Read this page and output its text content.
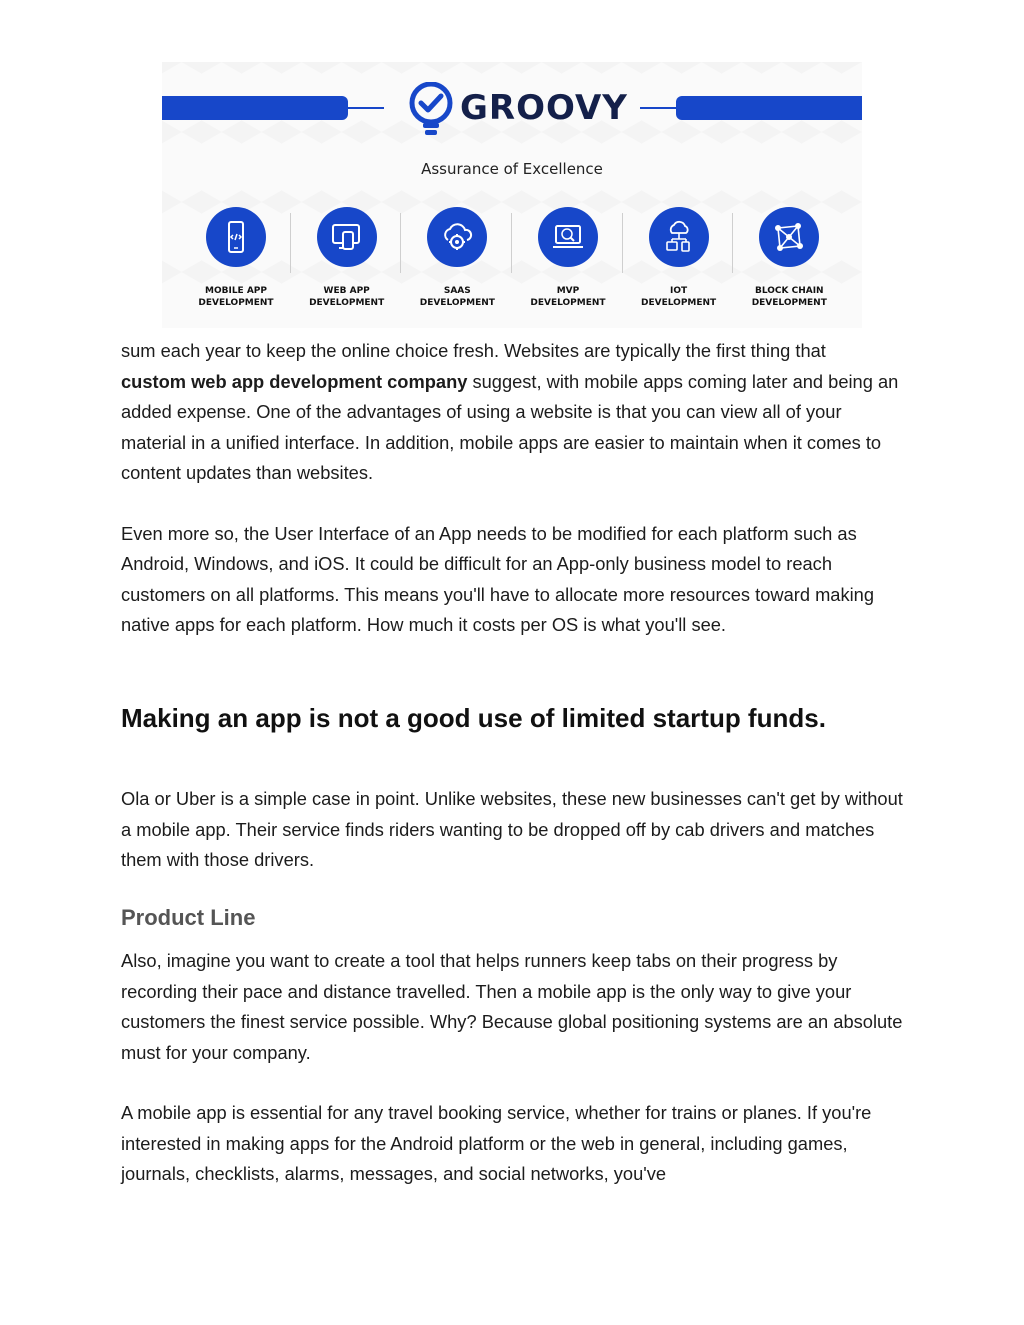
GROOVY
Assurance of Excellence
MOBILE APP
DEVELOPMENT
WEB APP
DEVELOPMENT
SAAS
DEVELOPMENT
MVP
DEVELOPMENT
IOT
DEVELOPMENT
BLOCK CHAIN
DEVELOPMENT

sum each year to keep the online choice fresh. Websites are typically the first thing that
custom web app development company suggest, with mobile apps coming later and being an added expense. One of the advantages of using a website is that you can view all of your material in a unified interface. In addition, mobile apps are easier to maintain when it comes to content updates than websites.

Even more so, the User Interface of an App needs to be modified for each platform such as Android, Windows, and iOS. It could be difficult for an App-only business model to reach customers on all platforms. This means you'll have to allocate more resources toward making native apps for each platform. How much it costs per OS is what you'll see.

Making an app is not a good use of limited startup funds.

Ola or Uber is a simple case in point. Unlike websites, these new businesses can't get by without a mobile app. Their service finds riders wanting to be dropped off by cab drivers and matches them with those drivers.

Product Line

Also, imagine you want to create a tool that helps runners keep tabs on their progress by recording their pace and distance travelled. Then a mobile app is the only way to give your customers the finest service possible. Why? Because global positioning systems are an absolute must for your company.

A mobile app is essential for any travel booking service, whether for trains or planes. If you're interested in making apps for the Android platform or the web in general, including games, journals, checklists, alarms, messages, and social networks, you've
